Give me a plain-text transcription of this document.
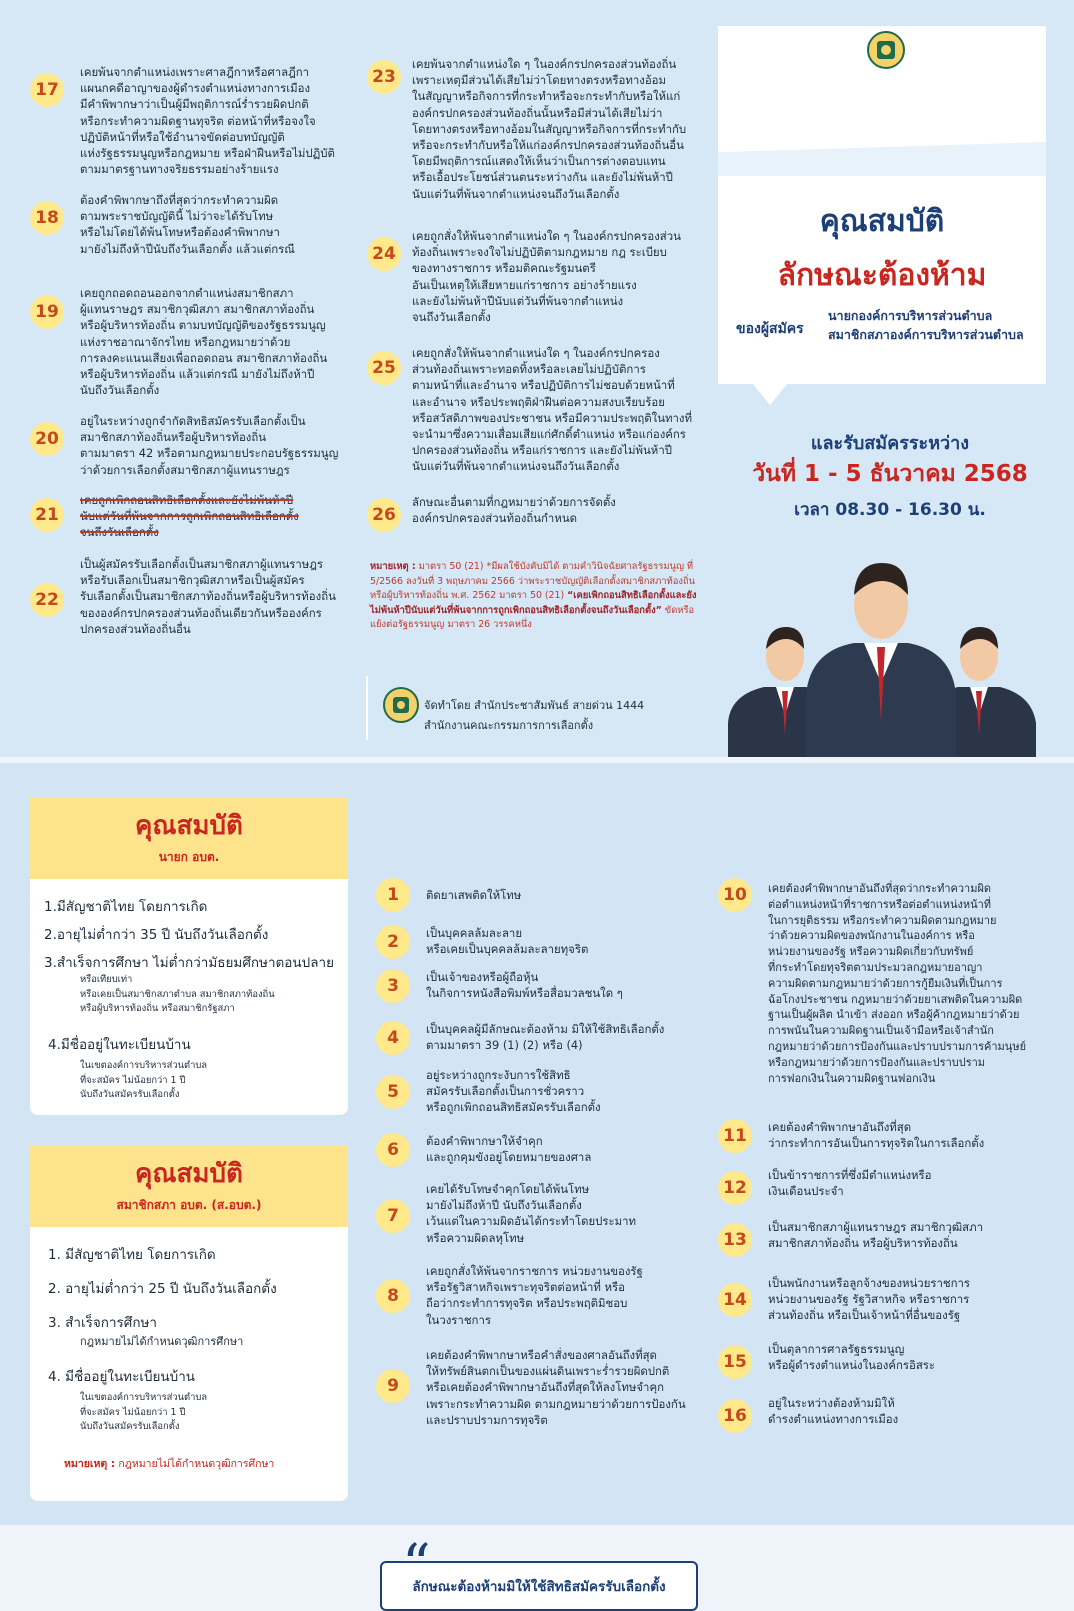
17
เคยพ้นจากตำแหน่งเพราะศาลฎีกาหรือศาลฎีกา
แผนกคดีอาญาของผู้ดำรงตำแหน่งทางการเมือง
มีคำพิพากษาว่าเป็นผู้มีพฤติการณ์ร่ำรวยผิดปกติ
หรือกระทำความผิดฐานทุจริต ต่อหน้าที่หรือจงใจ
ปฏิบัติหน้าที่หรือใช้อำนาจขัดต่อบทบัญญัติ
แห่งรัฐธรรมนูญหรือกฎหมาย หรือฝ่าฝืนหรือไม่ปฏิบัติ
ตามมาตรฐานทางจริยธรรมอย่างร้ายแรง
18
ต้องคำพิพากษาถึงที่สุดว่ากระทำความผิด
ตามพระราชบัญญัตินี้ ไม่ว่าจะได้รับโทษ
หรือไม่โดยได้พ้นโทษหรือต้องคำพิพากษา
มายังไม่ถึงห้าปีนับถึงวันเลือกตั้ง แล้วแต่กรณี
19
เคยถูกถอดถอนออกจากตำแหน่งสมาชิกสภา
ผู้แทนราษฎร สมาชิกวุฒิสภา สมาชิกสภาท้องถิ่น
หรือผู้บริหารท้องถิ่น ตามบทบัญญัติของรัฐธรรมนูญ
แห่งราชอาณาจักรไทย หรือกฎหมายว่าด้วย
การลงคะแนนเสียงเพื่อถอดถอน สมาชิกสภาท้องถิ่น
หรือผู้บริหารท้องถิ่น แล้วแต่กรณี มายังไม่ถึงห้าปี
นับถึงวันเลือกตั้ง
20
อยู่ในระหว่างถูกจำกัดสิทธิสมัครรับเลือกตั้งเป็น
สมาชิกสภาท้องถิ่นหรือผู้บริหารท้องถิ่น
ตามมาตรา 42 หรือตามกฎหมายประกอบรัฐธรรมนูญ
ว่าด้วยการเลือกตั้งสมาชิกสภาผู้แทนราษฎร
21
เคยถูกเพิกถอนสิทธิเลือกตั้งและยังไม่พ้นห้าปี
นับแต่วันที่พ้นจากการถูกเพิกถอนสิทธิเลือกตั้ง
จนถึงวันเลือกตั้ง
22
เป็นผู้สมัครรับเลือกตั้งเป็นสมาชิกสภาผู้แทนราษฎร
หรือรับเลือกเป็นสมาชิกวุฒิสภาหรือเป็นผู้สมัคร
รับเลือกตั้งเป็นสมาชิกสภาท้องถิ่นหรือผู้บริหารท้องถิ่น
ขององค์กรปกครองส่วนท้องถิ่นเดียวกันหรือองค์กร
ปกครองส่วนท้องถิ่นอื่น
23
เคยพ้นจากตำแหน่งใด ๆ ในองค์กรปกครองส่วนท้องถิ่น
เพราะเหตุมีส่วนได้เสียไม่ว่าโดยทางตรงหรือทางอ้อม
ในสัญญาหรือกิจการที่กระทำหรือจะกระทำกับหรือให้แก่
องค์กรปกครองส่วนท้องถิ่นนั้นหรือมีส่วนได้เสียไม่ว่า
โดยทางตรงหรือทางอ้อมในสัญญาหรือกิจการที่กระทำกับ
หรือจะกระทำกับหรือให้แก่องค์กรปกครองส่วนท้องถิ่นอื่น
โดยมีพฤติการณ์แสดงให้เห็นว่าเป็นการต่างตอบแทน
หรือเอื้อประโยชน์ส่วนตนระหว่างกัน และยังไม่พ้นห้าปี
นับแต่วันที่พ้นจากตำแหน่งจนถึงวันเลือกตั้ง
24
เคยถูกสั่งให้พ้นจากตำแหน่งใด ๆ ในองค์กรปกครองส่วน
ท้องถิ่นเพราะจงใจไม่ปฏิบัติตามกฎหมาย กฎ ระเบียบ
ของทางราชการ หรือมติคณะรัฐมนตรี
อันเป็นเหตุให้เสียหายแก่ราชการ อย่างร้ายแรง
และยังไม่พ้นห้าปีนับแต่วันที่พ้นจากตำแหน่ง
จนถึงวันเลือกตั้ง
25
เคยถูกสั่งให้พ้นจากตำแหน่งใด ๆ ในองค์กรปกครอง
ส่วนท้องถิ่นเพราะทอดทิ้งหรือละเลยไม่ปฏิบัติการ
ตามหน้าที่และอำนาจ หรือปฏิบัติการไม่ชอบด้วยหน้าที่
และอำนาจ หรือประพฤติฝ่าฝืนต่อความสงบเรียบร้อย
หรือสวัสดิภาพของประชาชน หรือมีความประพฤติในทางที่
จะนำมาซึ่งความเสื่อมเสียแก่ศักดิ์ตำแหน่ง หรือแก่องค์กร
ปกครองส่วนท้องถิ่น หรือแก่ราชการ และยังไม่พ้นห้าปี
นับแต่วันที่พ้นจากตำแหน่งจนถึงวันเลือกตั้ง
26
ลักษณะอื่นตามที่กฎหมายว่าด้วยการจัดตั้ง
องค์กรปกครองส่วนท้องถิ่นกำหนด
หมายเหตุ : มาตรา 50 (21) *มีผลใช้บังคับมิได้ ตามคำวินิจฉัยศาลรัฐธรรมนูญ ที่ 5/2566 ลงวันที่ 3 พฤษภาคม 2566 ว่าพระราชบัญญัติเลือกตั้งสมาชิกสภาท้องถิ่นหรือผู้บริหารท้องถิ่น พ.ศ. 2562 มาตรา 50 (21) “เคยเพิกถอนสิทธิเลือกตั้งและยังไม่พ้นห้าปีนับแต่วันที่พ้นจากการถูกเพิกถอนสิทธิเลือกตั้งจนถึงวันเลือกตั้ง” ขัดหรือแย้งต่อรัฐธรรมนูญ มาตรา 26 วรรคหนึ่ง
จัดทำโดย สำนักประชาสัมพันธ์ สายด่วน 1444
สำนักงานคณะกรรมการการเลือกตั้ง
คุณสมบัติ
ลักษณะต้องห้าม
ของผู้สมัคร
นายกองค์การบริหารส่วนตำบล
สมาชิกสภาองค์การบริหารส่วนตำบล
และรับสมัครระหว่าง
วันที่ 1 - 5 ธันวาคม 2568
เวลา 08.30 - 16.30 น.
คุณสมบัติ
นายก อบต.
1.มีสัญชาติไทย โดยการเกิด
2.อายุไม่ต่ำกว่า 35 ปี นับถึงวันเลือกตั้ง
3.สำเร็จการศึกษา ไม่ต่ำกว่ามัธยมศึกษาตอนปลาย
หรือเทียบเท่า
หรือเคยเป็นสมาชิกสภาตำบล สมาชิกสภาท้องถิ่น
หรือผู้บริหารท้องถิ่น หรือสมาชิกรัฐสภา
4.มีชื่ออยู่ในทะเบียนบ้าน
ในเขตองค์การบริหารส่วนตำบล
ที่จะสมัคร ไม่น้อยกว่า 1 ปี
นับถึงวันสมัครรับเลือกตั้ง
คุณสมบัติ
สมาชิกสภา อบต. (ส.อบต.)
1. มีสัญชาติไทย โดยการเกิด
2. อายุไม่ต่ำกว่า 25 ปี นับถึงวันเลือกตั้ง
3. สำเร็จการศึกษา
กฎหมายไม่ได้กำหนดวุฒิการศึกษา
4. มีชื่ออยู่ในทะเบียนบ้าน
ในเขตองค์การบริหารส่วนตำบล
ที่จะสมัคร ไม่น้อยกว่า 1 ปี
นับถึงวันสมัครรับเลือกตั้ง
หมายเหตุ : กฎหมายไม่ได้กำหนดวุฒิการศึกษา
ลักษณะต้องห้ามมิให้ใช้สิทธิสมัครรับเลือกตั้ง
1	ติดยาเสพติดให้โทษ
2	เป็นบุคคลล้มละลาย
หรือเคยเป็นบุคคลล้มละลายทุจริต
3	เป็นเจ้าของหรือผู้ถือหุ้น
ในกิจการหนังสือพิมพ์หรือสื่อมวลชนใด ๆ
4	เป็นบุคคลผู้มีลักษณะต้องห้าม มิให้ใช้สิทธิเลือกตั้ง
ตามมาตรา 39 (1) (2) หรือ (4)
5
อยู่ระหว่างถูกระงับการใช้สิทธิ
สมัครรับเลือกตั้งเป็นการชั่วคราว
หรือถูกเพิกถอนสิทธิสมัครรับเลือกตั้ง
6	ต้องคำพิพากษาให้จำคุก
และถูกคุมขังอยู่โดยหมายของศาล
7
เคยได้รับโทษจำคุกโดยได้พ้นโทษ
มายังไม่ถึงห้าปี นับถึงวันเลือกตั้ง
เว้นแต่ในความผิดอันได้กระทำโดยประมาท
หรือความผิดลหุโทษ
8
เคยถูกสั่งให้พ้นจากราชการ หน่วยงานของรัฐ
หรือรัฐวิสาหกิจเพราะทุจริตต่อหน้าที่ หรือ
ถือว่ากระทำการทุจริต หรือประพฤติมิชอบ
ในวงราชการ
9
เคยต้องคำพิพากษาหรือคำสั่งของศาลอันถึงที่สุด
ให้ทรัพย์สินตกเป็นของแผ่นดินเพราะร่ำรวยผิดปกติ
หรือเคยต้องคำพิพากษาอันถึงที่สุดให้ลงโทษจำคุก
เพราะกระทำความผิด ตามกฎหมายว่าด้วยการป้องกัน
และปราบปรามการทุจริต
10	เคยต้องคำพิพากษาอันถึงที่สุดว่ากระทำความผิด
ต่อตำแหน่งหน้าที่ราชการหรือต่อตำแหน่งหน้าที่
ในการยุติธรรม หรือกระทำความผิดตามกฎหมาย
ว่าด้วยความผิดของพนักงานในองค์การ หรือ
หน่วยงานของรัฐ หรือความผิดเกี่ยวกับทรัพย์
ที่กระทำโดยทุจริตตามประมวลกฎหมายอาญา
ความผิดตามกฎหมายว่าด้วยการกู้ยืมเงินที่เป็นการ
ฉ้อโกงประชาชน กฎหมายว่าด้วยยาเสพติดในความผิด
ฐานเป็นผู้ผลิต นำเข้า ส่งออก หรือผู้ค้ากฎหมายว่าด้วย
การพนันในความผิดฐานเป็นเจ้ามือหรือเจ้าสำนัก
กฎหมายว่าด้วยการป้องกันและปราบปรามการค้ามนุษย์
หรือกฎหมายว่าด้วยการป้องกันและปราบปราม
การฟอกเงินในความผิดฐานฟอกเงิน
11	เคยต้องคำพิพากษาอันถึงที่สุด
ว่ากระทำการอันเป็นการทุจริตในการเลือกตั้ง
12
เป็นข้าราชการที่ซึ่งมีตำแหน่งหรือ
เงินเดือนประจำ
13
เป็นสมาชิกสภาผู้แทนราษฎร สมาชิกวุฒิสภา
สมาชิกสภาท้องถิ่น หรือผู้บริหารท้องถิ่น
14
เป็นพนักงานหรือลูกจ้างของหน่วยราชการ
หน่วยงานของรัฐ รัฐวิสาหกิจ หรือราชการ
ส่วนท้องถิ่น หรือเป็นเจ้าหน้าที่อื่นของรัฐ
15
เป็นตุลาการศาลรัฐธรรมนูญ
หรือผู้ดำรงตำแหน่งในองค์กรอิสระ
16
อยู่ในระหว่างต้องห้ามมิให้
ดำรงตำแหน่งทางการเมือง
